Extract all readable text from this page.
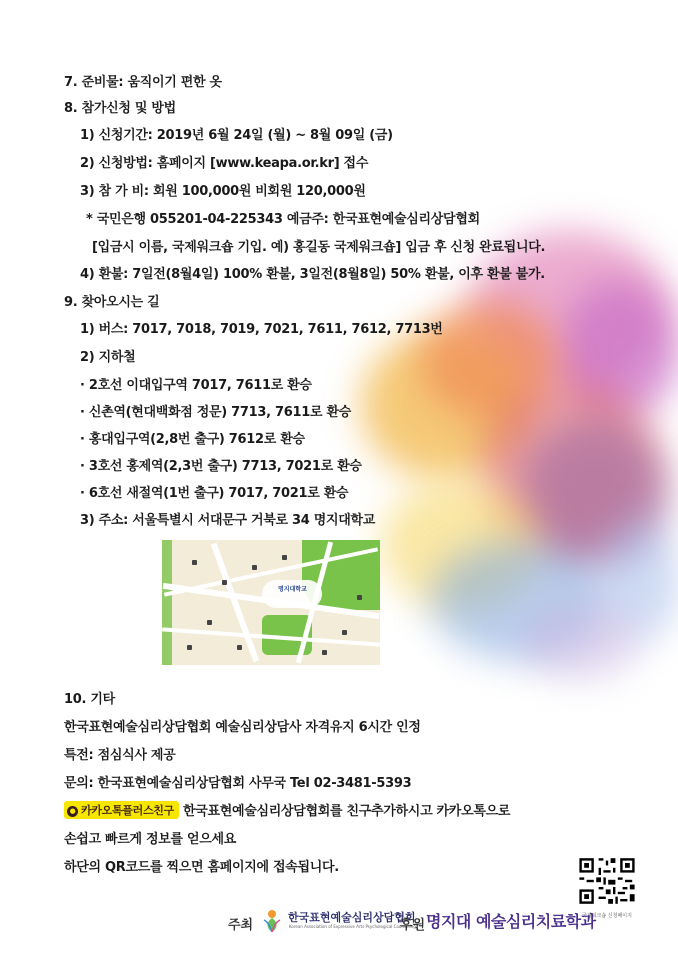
7. 준비물: 움직이기 편한 옷
8. 참가신청 및 방법
1) 신청기간: 2019년 6월 24일 (월) ~ 8월 09일 (금)
2) 신청방법: 홈페이지 [www.keapa.or.kr] 접수
3) 참 가 비: 회원 100,000원 비회원 120,000원
* 국민은행 055201-04-225343 예금주: 한국표현예술심리상담협회
[입금시 이름, 국제워크숍 기입. 예) 홍길동 국제워크숍] 입금 후 신청 완료됩니다.
4) 환불: 7일전(8월4일) 100% 환불, 3일전(8월8일) 50% 환불, 이후 환불 불가.
9. 찾아오시는 길
1) 버스: 7017, 7018, 7019, 7021, 7611, 7612, 7713번
2) 지하철
· 2호선 이대입구역 7017, 7611로 환승
· 신촌역(현대백화점 정문) 7713, 7611로 환승
· 홍대입구역(2,8번 출구) 7612로 환승
· 3호선 홍제역(2,3번 출구) 7713, 7021로 환승
· 6호선 새절역(1번 출구) 7017, 7021로 환승
3) 주소: 서울특별시 서대문구 거북로 34 명지대학교
명지대학교
10. 기타
한국표현예술심리상담협회 예술심리상담사 자격유지 6시간 인정
특전: 점심식사 제공
문의: 한국표현예술심리상담협회 사무국 Tel 02-3481-5393
● 카카오톡플러스친구 한국표현예술심리상담협회를 친구추가하시고 카카오톡으로
손쉽고 빠르게 정보를 얻으세요
하단의 QR코드를 찍으면 홈페이지에 접속됩니다.
국제워크숍 신청페이지
주최
한국표현예술심리상담협회
Korean Association of Expressive Arts Psychological Counseling
후원 명지대 예술심리치료학과
